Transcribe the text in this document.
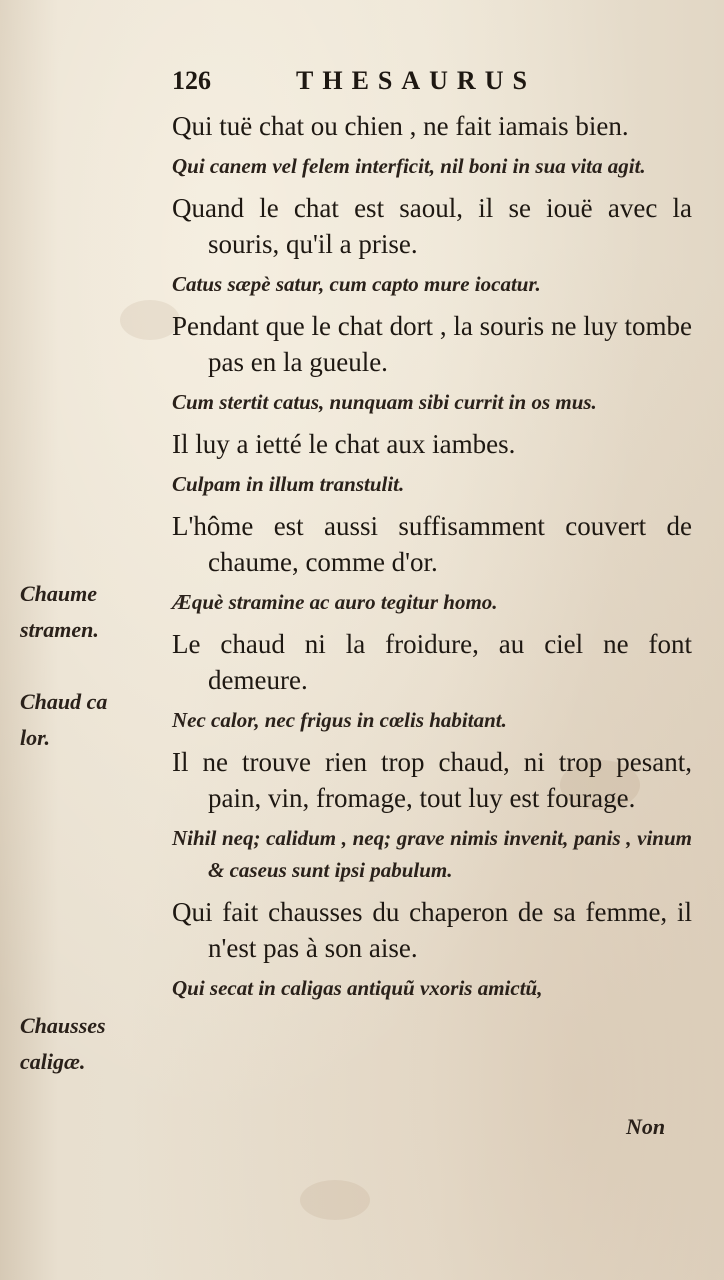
126	THESAURUS

Qui tuë chat ou chien , ne fait iamais bien.

Qui canem vel felem interficit, nil boni in sua vita agit.

Quand le chat est saoul, il se iouë avec la souris, qu'il a prise.

Catus sæpè satur, cum capto mure iocatur.

Pendant que le chat dort , la souris ne luy tombe pas en la gueule.

Cum stertit catus, nunquam sibi currit in os mus.

Il luy a ietté le chat aux iambes.

Culpam in illum transtulit.

L'hôme est aussi suffisamment couvert de chaume, comme d'or.

Æquè stramine ac auro tegitur homo.

Le chaud ni la froidure, au ciel ne font demeure.

Nec calor, nec frigus in cœlis habitant.

Il ne trouve rien trop chaud, ni trop pesant, pain, vin, fromage, tout luy est fourage.

Nihil neq; calidum , neq; grave nimis invenit, panis , vinum & caseus sunt ipsi pabulum.

Qui fait chausses du chaperon de sa femme, il n'est pas à son aise.

Qui secat in caligas antiquũ vxoris amictũ,

Chaume
stramen.
Chaud ca
lor.
Chausses
caligæ.
Non
